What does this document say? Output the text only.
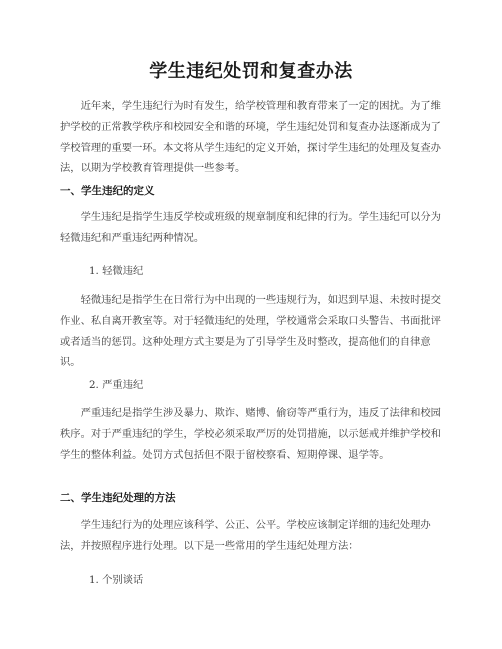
学生违纪处罚和复查办法

近年来，学生违纪行为时有发生，给学校管理和教育带来了一定的困扰。为了维护学校的正常教学秩序和校园安全和谐的环境，学生违纪处罚和复查办法逐渐成为了学校管理的重要一环。本文将从学生违纪的定义开始，探讨学生违纪的处理及复查办法，以期为学校教育管理提供一些参考。

一、学生违纪的定义

学生违纪是指学生违反学校或班级的规章制度和纪律的行为。学生违纪可以分为轻微违纪和严重违纪两种情况。

1. 轻微违纪

轻微违纪是指学生在日常行为中出现的一些违规行为，如迟到早退、未按时提交作业、私自离开教室等。对于轻微违纪的处理，学校通常会采取口头警告、书面批评或者适当的惩罚。这种处理方式主要是为了引导学生及时整改，提高他们的自律意识。

2. 严重违纪

严重违纪是指学生涉及暴力、欺诈、赌博、偷窃等严重行为，违反了法律和校园秩序。对于严重违纪的学生，学校必须采取严厉的处罚措施，以示惩戒并维护学校和学生的整体利益。处罚方式包括但不限于留校察看、短期停课、退学等。

二、学生违纪处理的方法

学生违纪行为的处理应该科学、公正、公平。学校应该制定详细的违纪处理办法，并按照程序进行处理。以下是一些常用的学生违纪处理方法：

1. 个别谈话
